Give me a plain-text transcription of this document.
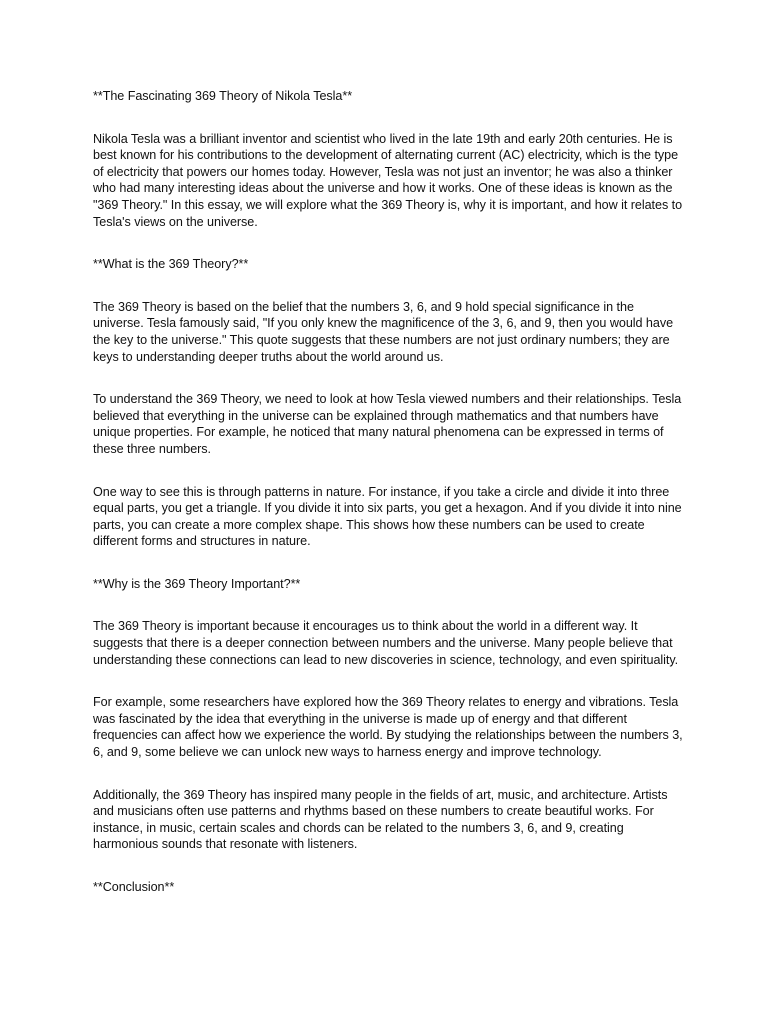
**The Fascinating 369 Theory of Nikola Tesla**

Nikola Tesla was a brilliant inventor and scientist who lived in the late 19th and early 20th centuries. He is best known for his contributions to the development of alternating current (AC) electricity, which is the type of electricity that powers our homes today. However, Tesla was not just an inventor; he was also a thinker who had many interesting ideas about the universe and how it works. One of these ideas is known as the "369 Theory." In this essay, we will explore what the 369 Theory is, why it is important, and how it relates to Tesla's views on the universe.

**What is the 369 Theory?**

The 369 Theory is based on the belief that the numbers 3, 6, and 9 hold special significance in the universe. Tesla famously said, "If you only knew the magnificence of the 3, 6, and 9, then you would have the key to the universe." This quote suggests that these numbers are not just ordinary numbers; they are keys to understanding deeper truths about the world around us.

To understand the 369 Theory, we need to look at how Tesla viewed numbers and their relationships. Tesla believed that everything in the universe can be explained through mathematics and that numbers have unique properties. For example, he noticed that many natural phenomena can be expressed in terms of these three numbers.

One way to see this is through patterns in nature. For instance, if you take a circle and divide it into three equal parts, you get a triangle. If you divide it into six parts, you get a hexagon. And if you divide it into nine parts, you can create a more complex shape. This shows how these numbers can be used to create different forms and structures in nature.

**Why is the 369 Theory Important?**

The 369 Theory is important because it encourages us to think about the world in a different way. It suggests that there is a deeper connection between numbers and the universe. Many people believe that understanding these connections can lead to new discoveries in science, technology, and even spirituality.

For example, some researchers have explored how the 369 Theory relates to energy and vibrations. Tesla was fascinated by the idea that everything in the universe is made up of energy and that different frequencies can affect how we experience the world. By studying the relationships between the numbers 3, 6, and 9, some believe we can unlock new ways to harness energy and improve technology.

Additionally, the 369 Theory has inspired many people in the fields of art, music, and architecture. Artists and musicians often use patterns and rhythms based on these numbers to create beautiful works. For instance, in music, certain scales and chords can be related to the numbers 3, 6, and 9, creating harmonious sounds that resonate with listeners.

**Conclusion**
